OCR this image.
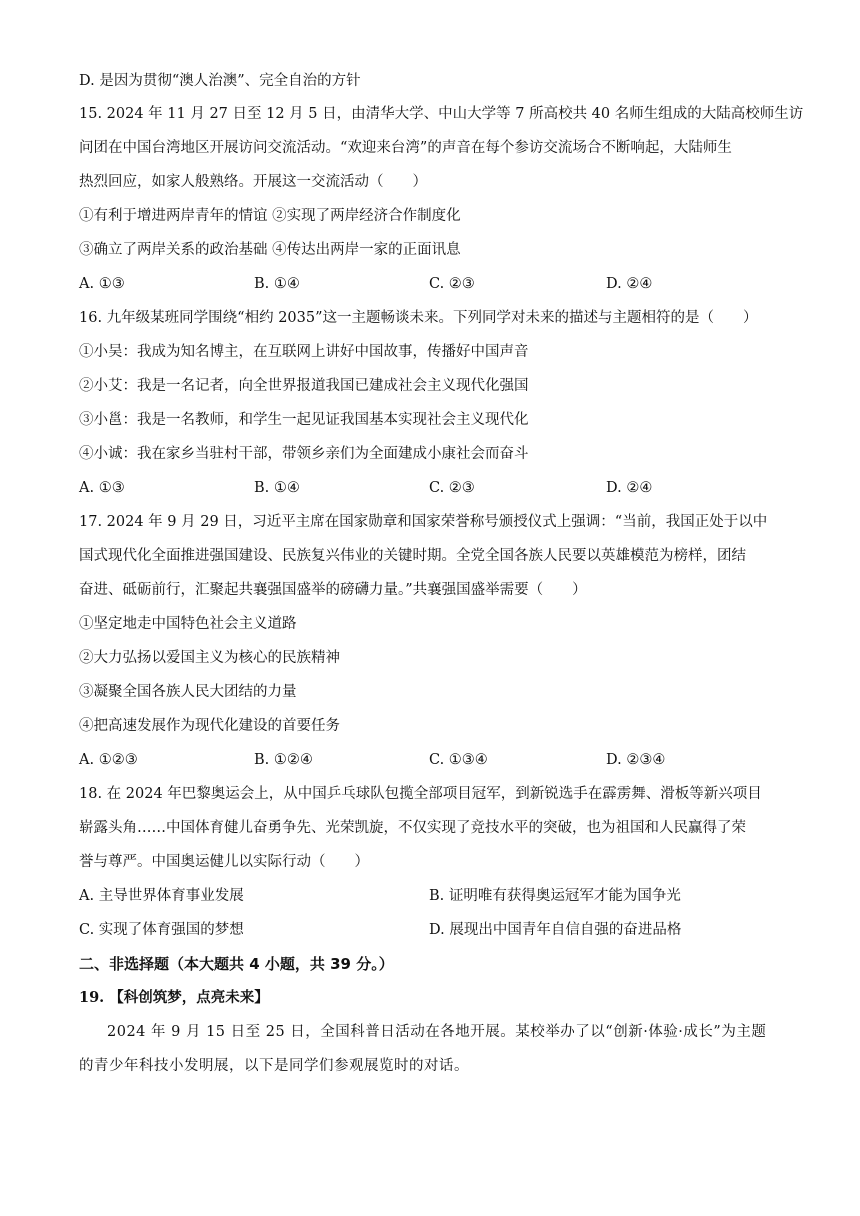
D. 是因为贯彻“澳人治澳”、完全自治的方针
15. 2024 年 11 月 27 日至 12 月 5 日，由清华大学、中山大学等 7 所高校共 40 名师生组成的大陆高校师生访
问团在中国台湾地区开展访问交流活动。“欢迎来台湾”的声音在每个参访交流场合不断响起，大陆师生
热烈回应，如家人般熟络。开展这一交流活动（　　）
①有利于增进两岸青年的情谊 ②实现了两岸经济合作制度化
③确立了两岸关系的政治基础 ④传达出两岸一家的正面讯息
A. ①③	B. ①④	C. ②③	D. ②④
16. 九年级某班同学围绕“相约 2035”这一主题畅谈未来。下列同学对未来的描述与主题相符的是（　　）
①小吴：我成为知名博主，在互联网上讲好中国故事，传播好中国声音
②小艾：我是一名记者，向全世界报道我国已建成社会主义现代化强国
③小邕：我是一名教师，和学生一起见证我国基本实现社会主义现代化
④小诚：我在家乡当驻村干部，带领乡亲们为全面建成小康社会而奋斗
A. ①③	B. ①④	C. ②③	D. ②④
17. 2024 年 9 月 29 日，习近平主席在国家勋章和国家荣誉称号颁授仪式上强调：“当前，我国正处于以中
国式现代化全面推进强国建设、民族复兴伟业的关键时期。全党全国各族人民要以英雄模范为榜样，团结
奋进、砥砺前行，汇聚起共襄强国盛举的磅礴力量。”共襄强国盛举需要（　　）
①坚定地走中国特色社会主义道路
②大力弘扬以爱国主义为核心的民族精神
③凝聚全国各族人民大团结的力量
④把高速发展作为现代化建设的首要任务
A. ①②③	B. ①②④	C. ①③④	D. ②③④
18. 在 2024 年巴黎奥运会上，从中国乒乓球队包揽全部项目冠军，到新锐选手在霹雳舞、滑板等新兴项目
崭露头角……中国体育健儿奋勇争先、光荣凯旋，不仅实现了竞技水平的突破，也为祖国和人民赢得了荣
誉与尊严。中国奥运健儿以实际行动（　　）
A. 主导世界体育事业发展	B. 证明唯有获得奥运冠军才能为国争光
C. 实现了体育强国的梦想	D. 展现出中国青年自信自强的奋进品格
二、非选择题（本大题共 4 小题，共 39 分。）
19. 【科创筑梦，点亮未来】
2024 年 9 月 15 日至 25 日，全国科普日活动在各地开展。某校举办了以“创新·体验·成长”为主题
的青少年科技小发明展，以下是同学们参观展览时的对话。
